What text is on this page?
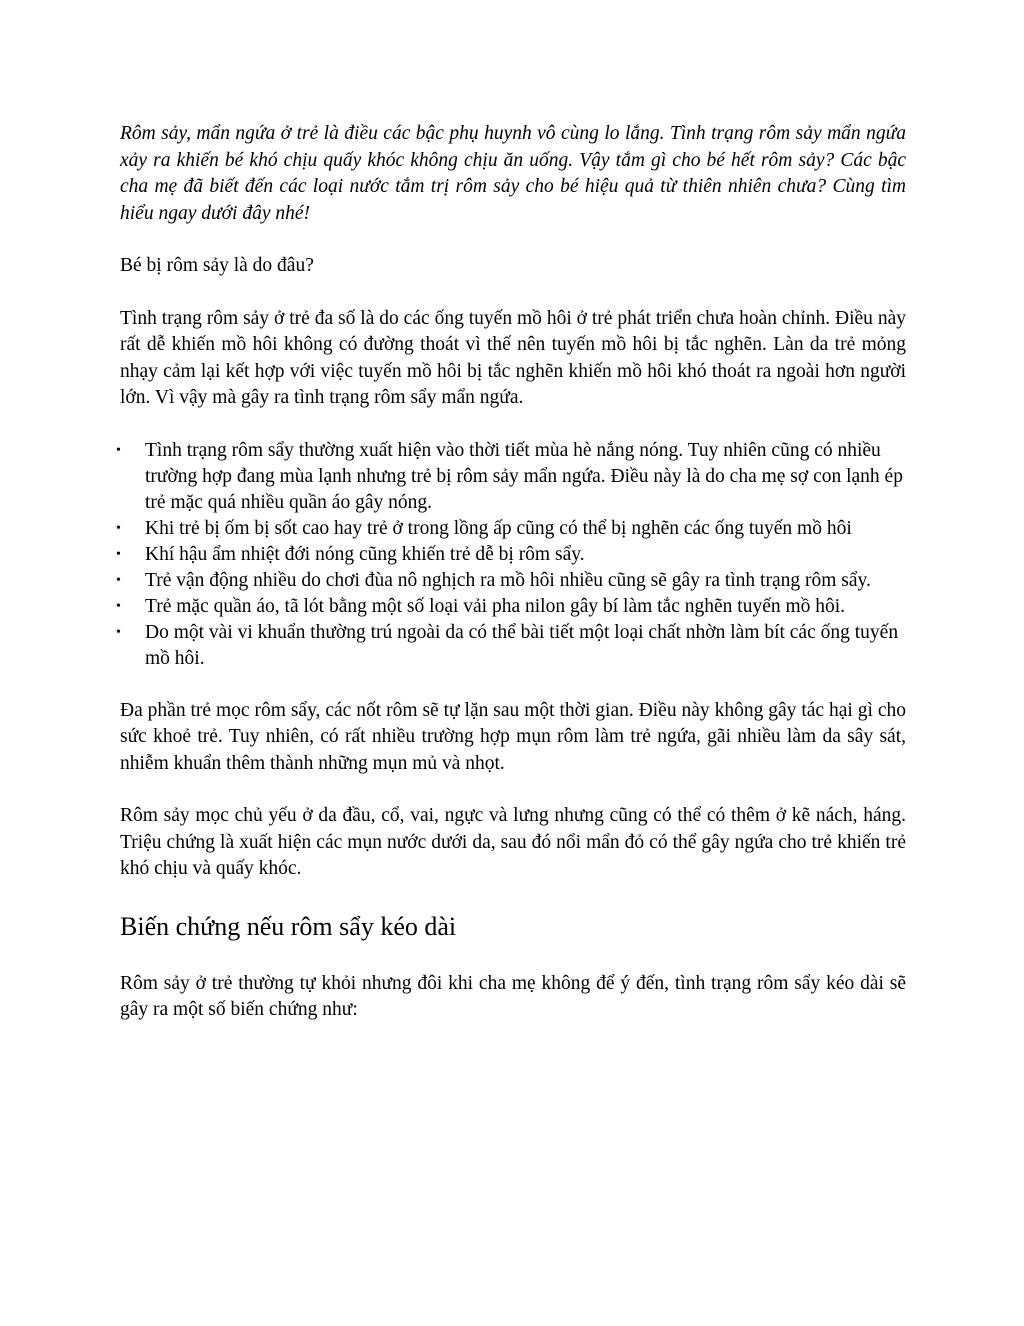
Rôm sảy, mẩn ngứa ở trẻ là điều các bậc phụ huynh vô cùng lo lắng. Tình trạng rôm sảy mẩn ngứa xảy ra khiến bé khó chịu quấy khóc không chịu ăn uống. Vậy tắm gì cho bé hết rôm sảy? Các bậc cha mẹ đã biết đến các loại nước tắm trị rôm sảy cho bé hiệu quả từ thiên nhiên chưa? Cùng tìm hiểu ngay dưới đây nhé!

Bé bị rôm sảy là do đâu?

Tình trạng rôm sảy ở trẻ đa số là do các ống tuyến mồ hôi ở trẻ phát triển chưa hoàn chỉnh. Điều này rất dễ khiến mồ hôi không có đường thoát vì thế nên tuyến mồ hôi bị tắc nghẽn. Làn da trẻ mỏng nhạy cảm lại kết hợp với việc tuyến mồ hôi bị tắc nghẽn khiến mồ hôi khó thoát ra ngoài hơn người lớn. Vì vậy mà gây ra tình trạng rôm sẩy mẩn ngứa.

•	Tình trạng rôm sẩy thường xuất hiện vào thời tiết mùa hè nắng nóng. Tuy nhiên cũng có nhiều trường hợp đang mùa lạnh nhưng trẻ bị rôm sảy mẩn ngứa. Điều này là do cha mẹ sợ con lạnh ép trẻ mặc quá nhiều quần áo gây nóng.
•	Khi trẻ bị ốm bị sốt cao hay trẻ ở trong lồng ấp cũng có thể bị nghẽn các ống tuyến mồ hôi
•	Khí hậu ẩm nhiệt đới nóng cũng khiến trẻ dễ bị rôm sẩy.
•	Trẻ vận động nhiều do chơi đùa nô nghịch ra mồ hôi nhiều cũng sẽ gây ra tình trạng rôm sẩy.
•	Trẻ mặc quần áo, tã lót bằng một số loại vải pha nilon gây bí làm tắc nghẽn tuyến mồ hôi.
•	Do một vài vi khuẩn thường trú ngoài da có thể bài tiết một loại chất nhờn làm bít các ống tuyến mồ hôi.

Đa phần trẻ mọc rôm sẩy, các nốt rôm sẽ tự lặn sau một thời gian. Điều này không gây tác hại gì cho sức khoẻ trẻ. Tuy nhiên, có rất nhiều trường hợp mụn rôm làm trẻ ngứa, gãi nhiều làm da sây sát, nhiễm khuẩn thêm thành những mụn mủ và nhọt.

Rôm sảy mọc chủ yếu ở da đầu, cổ, vai, ngực và lưng nhưng cũng có thể có thêm ở kẽ nách, háng. Triệu chứng là xuất hiện các mụn nước dưới da, sau đó nổi mẩn đỏ có thể gây ngứa cho trẻ khiến trẻ khó chịu và quấy khóc.

Biến chứng nếu rôm sẩy kéo dài

Rôm sảy ở trẻ thường tự khỏi nhưng đôi khi cha mẹ không để ý đến, tình trạng rôm sẩy kéo dài sẽ gây ra một số biến chứng như:
